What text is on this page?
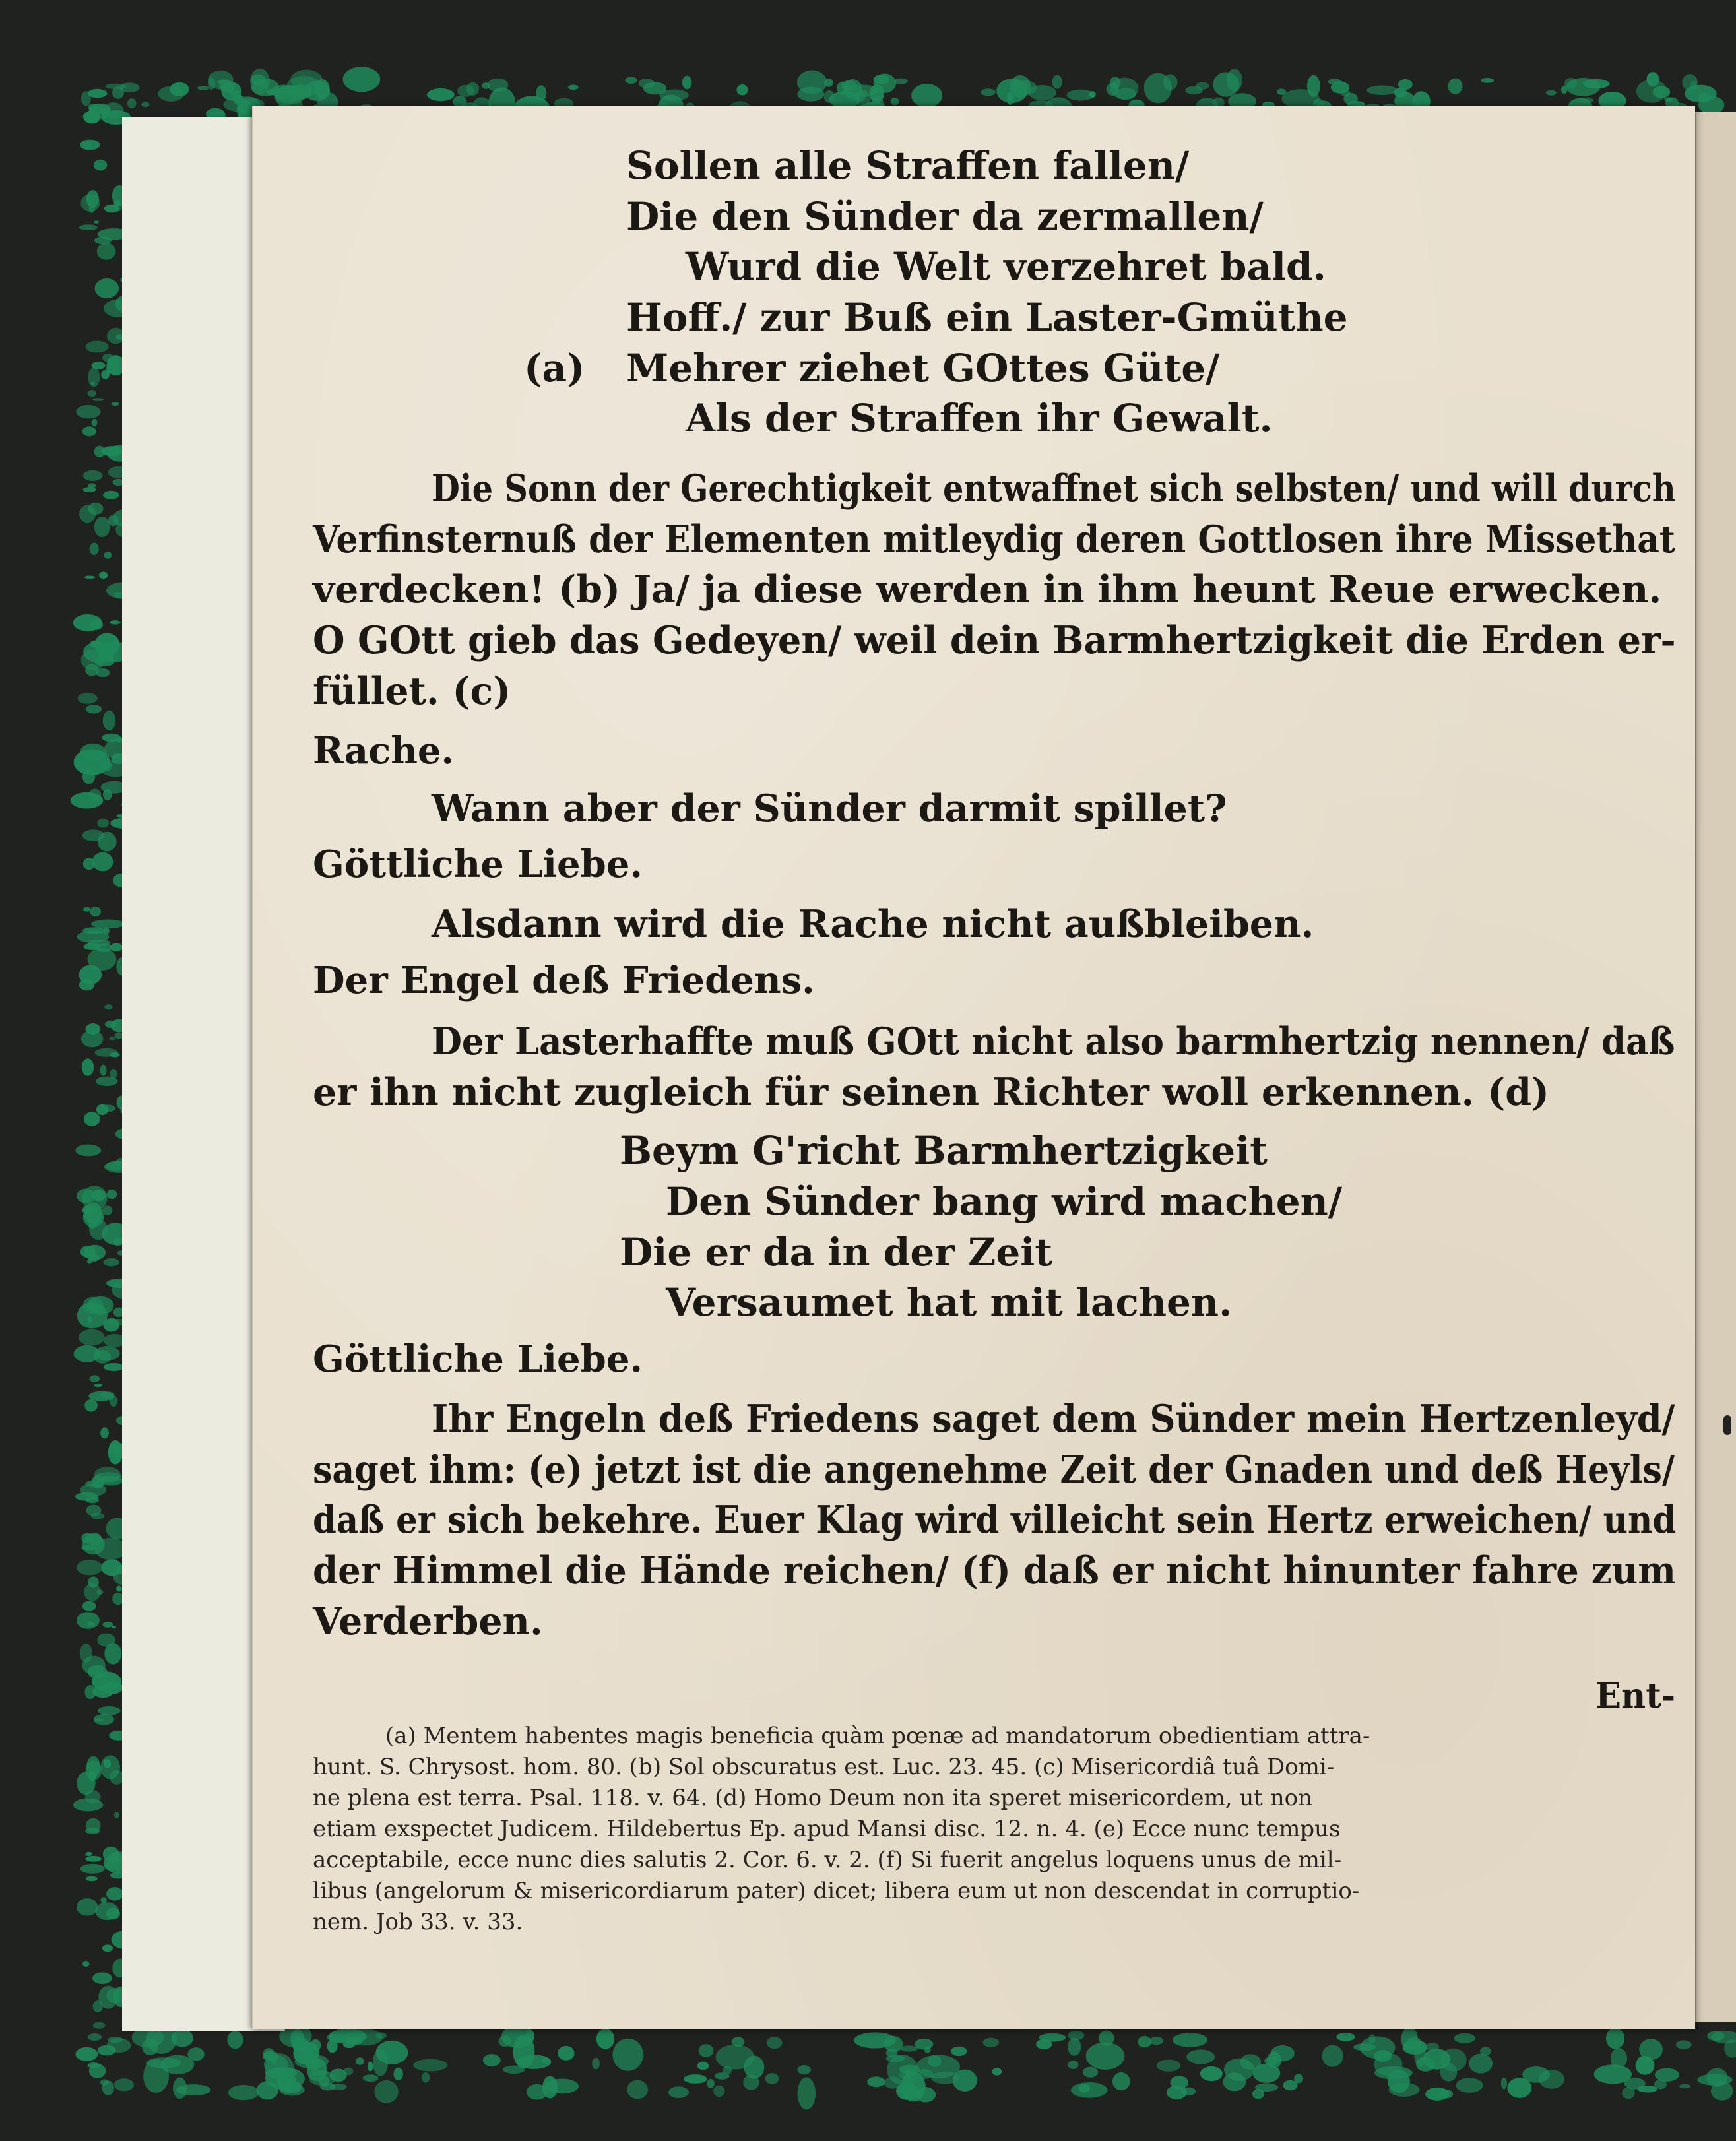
Sollen alle Straffen fallen/
Die den Sünder da zermallen/
Wurd die Welt verzehret bald.
Hoff./ zur Buß ein Laster-Gmüthe
(a) Mehrer ziehet GOttes Güte/
Als der Straffen ihr Gewalt.
Die Sonn der Gerechtigkeit entwaffnet sich selbsten/ und will durch
Verfinsternuß der Elementen mitleydig deren Gottlosen ihre Missethat
verdecken! (b) Ja/ ja diese werden in ihm heunt Reue erwecken.
O GOtt gieb das Gedeyen/ weil dein Barmhertzigkeit die Erden er-
füllet. (c)
Rache.
Wann aber der Sünder darmit spillet?
Göttliche Liebe.
Alsdann wird die Rache nicht außbleiben.
Der Engel deß Friedens.
Der Lasterhaffte muß GOtt nicht also barmhertzig nennen/ daß
er ihn nicht zugleich für seinen Richter woll erkennen. (d)
Beym G'richt Barmhertzigkeit
Den Sünder bang wird machen/
Die er da in der Zeit
Versaumet hat mit lachen.
Göttliche Liebe.
Ihr Engeln deß Friedens saget dem Sünder mein Hertzenleyd/
saget ihm: (e) jetzt ist die angenehme Zeit der Gnaden und deß Heyls/
daß er sich bekehre. Euer Klag wird villeicht sein Hertz erweichen/ und
der Himmel die Hände reichen/ (f) daß er nicht hinunter fahre zum
Verderben.
Ent-
(a) Mentem habentes magis beneficia quàm pœnæ ad mandatorum obedientiam attra-
hunt. S. Chrysost. hom. 80. (b) Sol obscuratus est. Luc. 23. 45. (c) Misericordiâ tuâ Domi-
ne plena est terra. Psal. 118. v. 64. (d) Homo Deum non ita speret misericordem, ut non
etiam exspectet Judicem. Hildebertus Ep. apud Mansi disc. 12. n. 4. (e) Ecce nunc tempus
acceptabile, ecce nunc dies salutis 2. Cor. 6. v. 2. (f) Si fuerit angelus loquens unus de mil-
libus (angelorum & misericordiarum pater) dicet; libera eum ut non descendat in corruptio-
nem. Job 33. v. 33.
